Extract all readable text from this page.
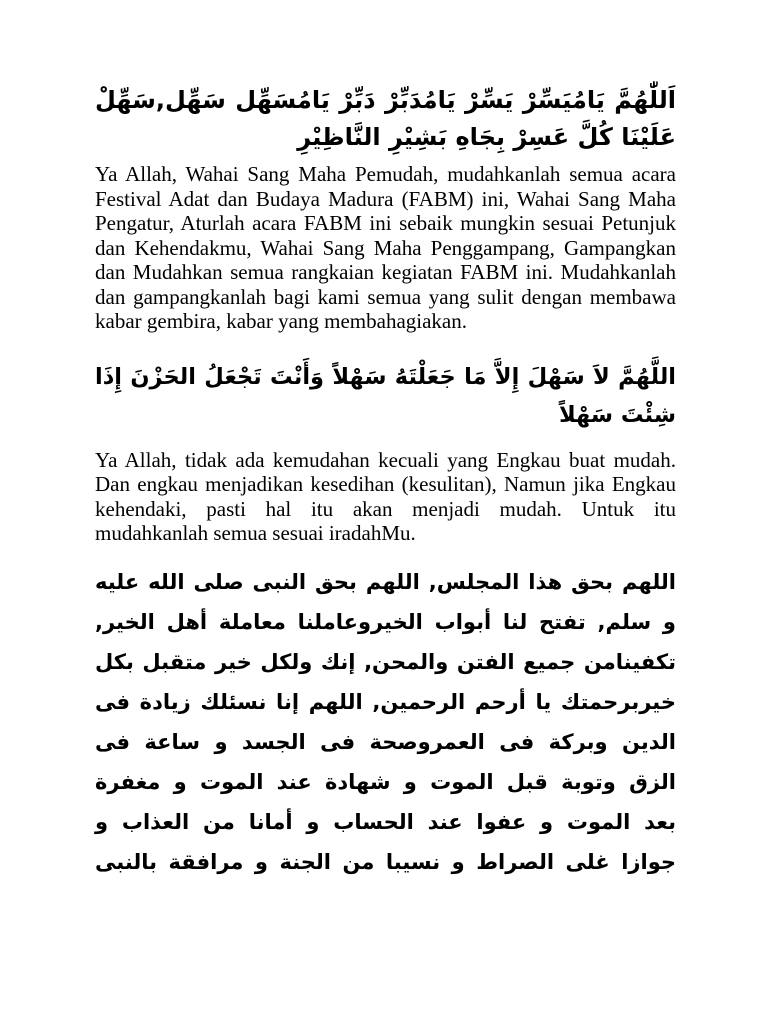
اَللّٰهُمَّ يَامُيَسِّرْ يَسِّرْ يَامُدَبِّرْ دَبِّرْ يَامُسَهِّل سَهِّل,سَهِّلْ
عَلَيْنَا كُلَّ عَسِرْ بِجَاهِ بَشِيْرِ النَّاظِيْرِ

Ya Allah, Wahai Sang Maha Pemudah, mudahkanlah semua acara Festival Adat dan Budaya Madura (FABM) ini, Wahai Sang Maha Pengatur, Aturlah acara FABM ini sebaik mungkin sesuai Petunjuk dan Kehendakmu, Wahai Sang Maha Penggampang, Gampangkan dan Mudahkan semua rangkaian kegiatan FABM ini. Mudahkanlah dan gampangkanlah bagi kami semua yang sulit dengan membawa kabar gembira, kabar yang membahagiakan.

اللَّهُمَّ لاَ سَهْلَ إِلاَّ مَا جَعَلْتَهُ سَهْلاً وَأَنْتَ تَجْعَلُ الحَزْنَ إِذَا
شِئْتَ سَهْلاً

Ya Allah, tidak ada kemudahan kecuali yang Engkau buat mudah. Dan engkau menjadikan kesedihan (kesulitan), Namun jika Engkau kehendaki, pasti hal itu akan menjadi mudah. Untuk itu mudahkanlah semua sesuai iradahMu.

اللهم بحق هذا المجلس, اللهم بحق النبى صلى الله عليه
و سلم, تفتح لنا أبواب الخيروعاملنا معاملة أهل الخير,
تكفينامن جميع الفتن والمحن, إنك ولكل خير متقبل بكل
خيربرحمتك يا أرحم الرحمين, اللهم إنا نسئلك زيادة فى
الدين وبركة فى العمروصحة فى الجسد و ساعة فى
الزق وتوبة قبل الموت و شهادة عند الموت و مغفرة
بعد الموت و عفوا عند الحساب و أمانا من العذاب و
جوازا غلى الصراط و نسيبا من الجنة و مرافقة بالنبى
